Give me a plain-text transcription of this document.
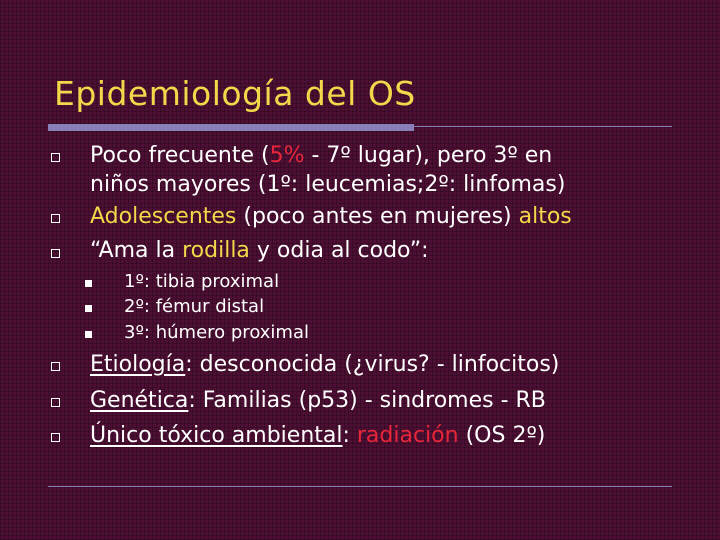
Epidemiología del OS
Poco frecuente (5% - 7º lugar), pero 3º en
niños mayores (1º: leucemias;2º: linfomas)
Adolescentes (poco antes en mujeres) altos
“Ama la rodilla y odia al codo”:
1º: tibia proximal
2º: fémur distal
3º: húmero proximal
Etiología: desconocida (¿virus? - linfocitos)
Genética: Familias (p53) - sindromes - RB
Único tóxico ambiental: radiación (OS 2º)
